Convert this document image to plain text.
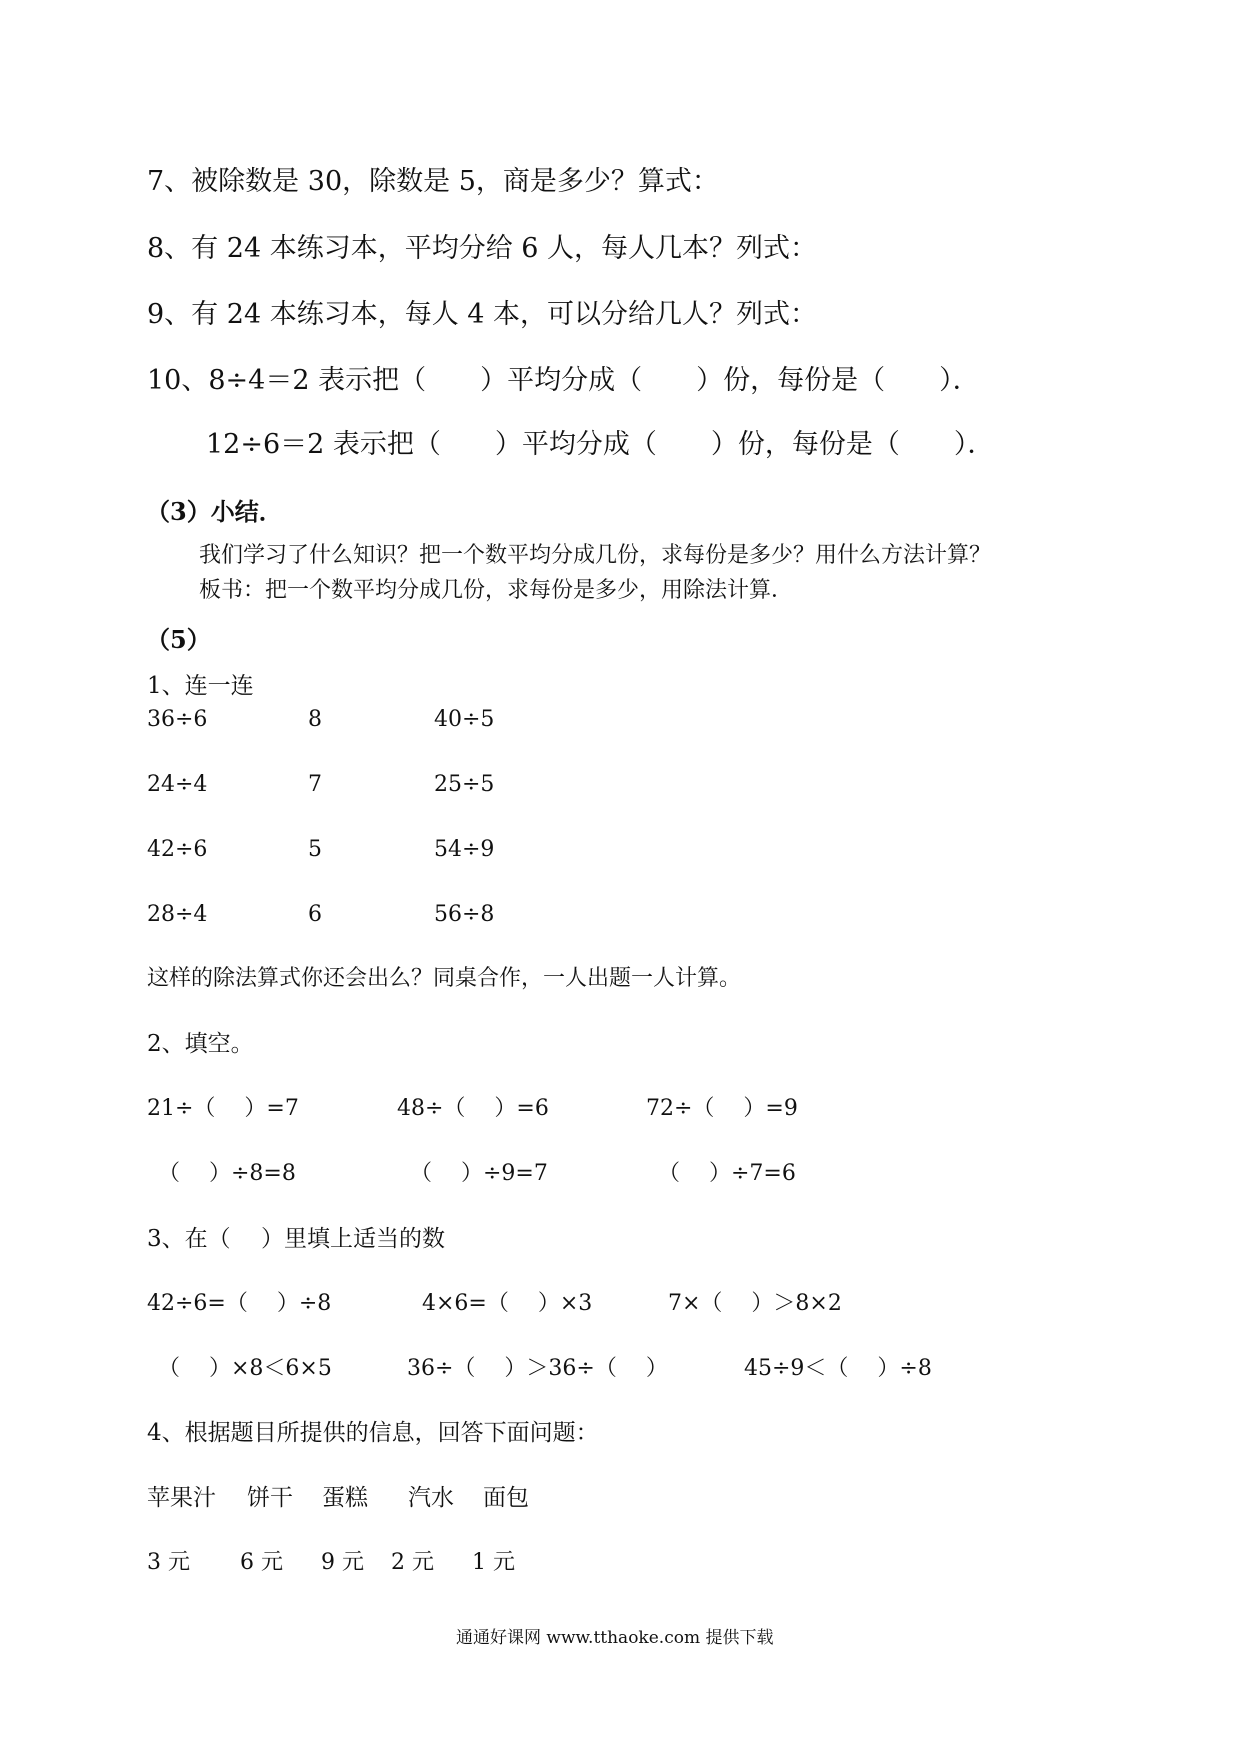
7、被除数是 30，除数是 5，商是多少？算式：
8、有 24 本练习本，平均分给 6 人，每人几本？列式：
9、有 24 本练习本，每人 4 本，可以分给几人？列式：
10、8÷4＝2 表示把（　　）平均分成（　　）份，每份是（　　）．
12÷6＝2 表示把（　　）平均分成（　　）份，每份是（　　）．
（3）小结．
我们学习了什么知识？把一个数平均分成几份，求每份是多少？用什么方法计算？
板书：把一个数平均分成几份，求每份是多少，用除法计算．
（5）
1、连一连
36÷6	8	40÷5
24÷4	7	25÷5
42÷6	5	54÷9
28÷4	6	56÷8
这样的除法算式你还会出么？同桌合作，一人出题一人计算。
2、填空。
21÷（　 ）=7	48÷（　 ）=6	72÷（　 ）=9
（　 ）÷8=8	（　 ）÷9=7	（　 ）÷7=6
3、在（　 ）里填上适当的数
42÷6=（　 ）÷8	4×6=（　 ）×3	7×（　 ）＞8×2
（　 ）×8＜6×5	36÷（　 ）＞36÷（　 ）	45÷9＜（　 ）÷8
4、根据题目所提供的信息，回答下面问题：
苹果汁 饼干 蛋糕 汽水 面包
3 元 6 元 9 元 2 元 1 元
通通好课网 www.tthaoke.com 提供下载
